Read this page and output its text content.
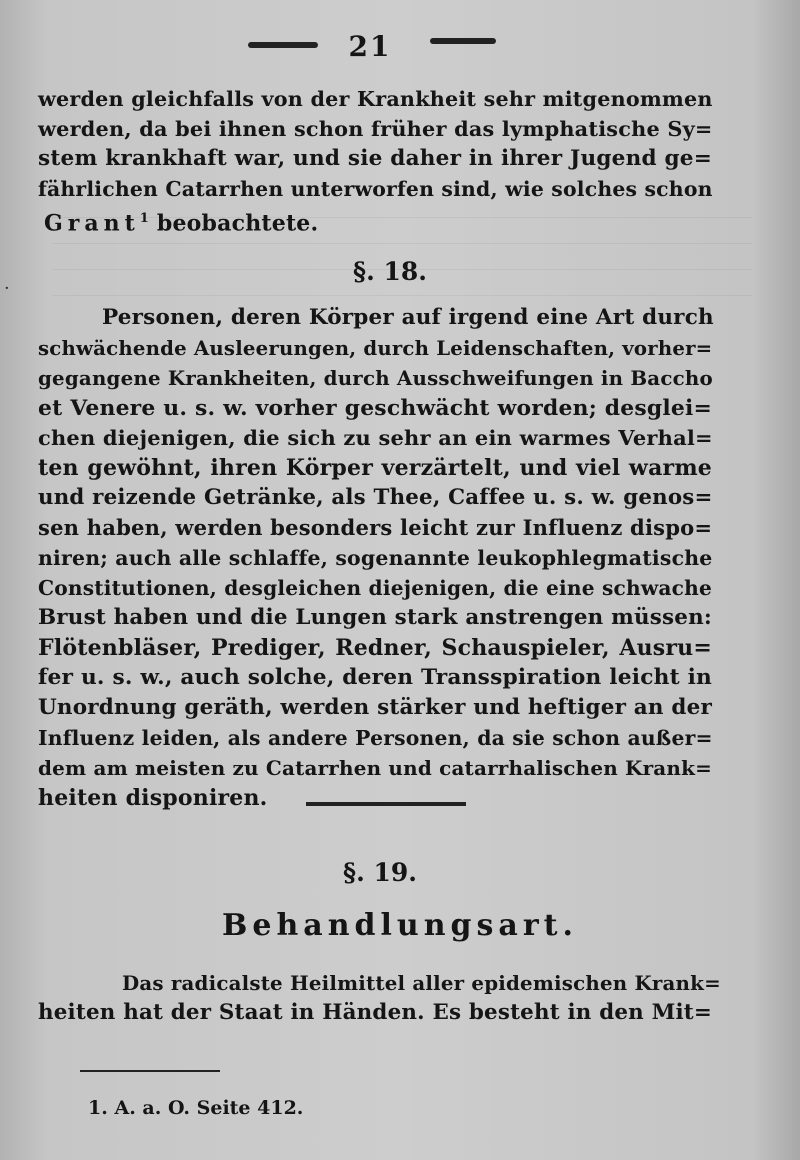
21
werden gleichfalls von der Krankheit sehr mitgenommen
werden, da bei ihnen schon früher das lymphatische Sy=
stem krankhaft war, und sie daher in ihrer Jugend ge=
fährlichen Catarrhen unterworfen sind, wie solches schon
Grant$^1$ beobachtete.
·
§. 18.
Personen, deren Körper auf irgend eine Art durch
schwächende Ausleerungen, durch Leidenschaften, vorher=
gegangene Krankheiten, durch Ausschweifungen in Baccho
et Venere u. s. w. vorher geschwächt worden; desglei=
chen diejenigen, die sich zu sehr an ein warmes Verhal=
ten gewöhnt, ihren Körper verzärtelt, und viel warme
und reizende Getränke, als Thee, Caffee u. s. w. genos=
sen haben, werden besonders leicht zur Influenz dispo=
niren; auch alle schlaffe, sogenannte leukophlegmatische
Constitutionen, desgleichen diejenigen, die eine schwache
Brust haben und die Lungen stark anstrengen müssen:
Flötenbläser, Prediger, Redner, Schauspieler, Ausru=
fer u. s. w., auch solche, deren Transspiration leicht in
Unordnung geräth, werden stärker und heftiger an der
Influenz leiden, als andere Personen, da sie schon außer=
dem am meisten zu Catarrhen und catarrhalischen Krank=
heiten disponiren.
§. 19.
Behandlungsart.
Das radicalste Heilmittel aller epidemischen Krank=
heiten hat der Staat in Händen. Es besteht in den Mit=
1. A. a. O. Seite 412.
